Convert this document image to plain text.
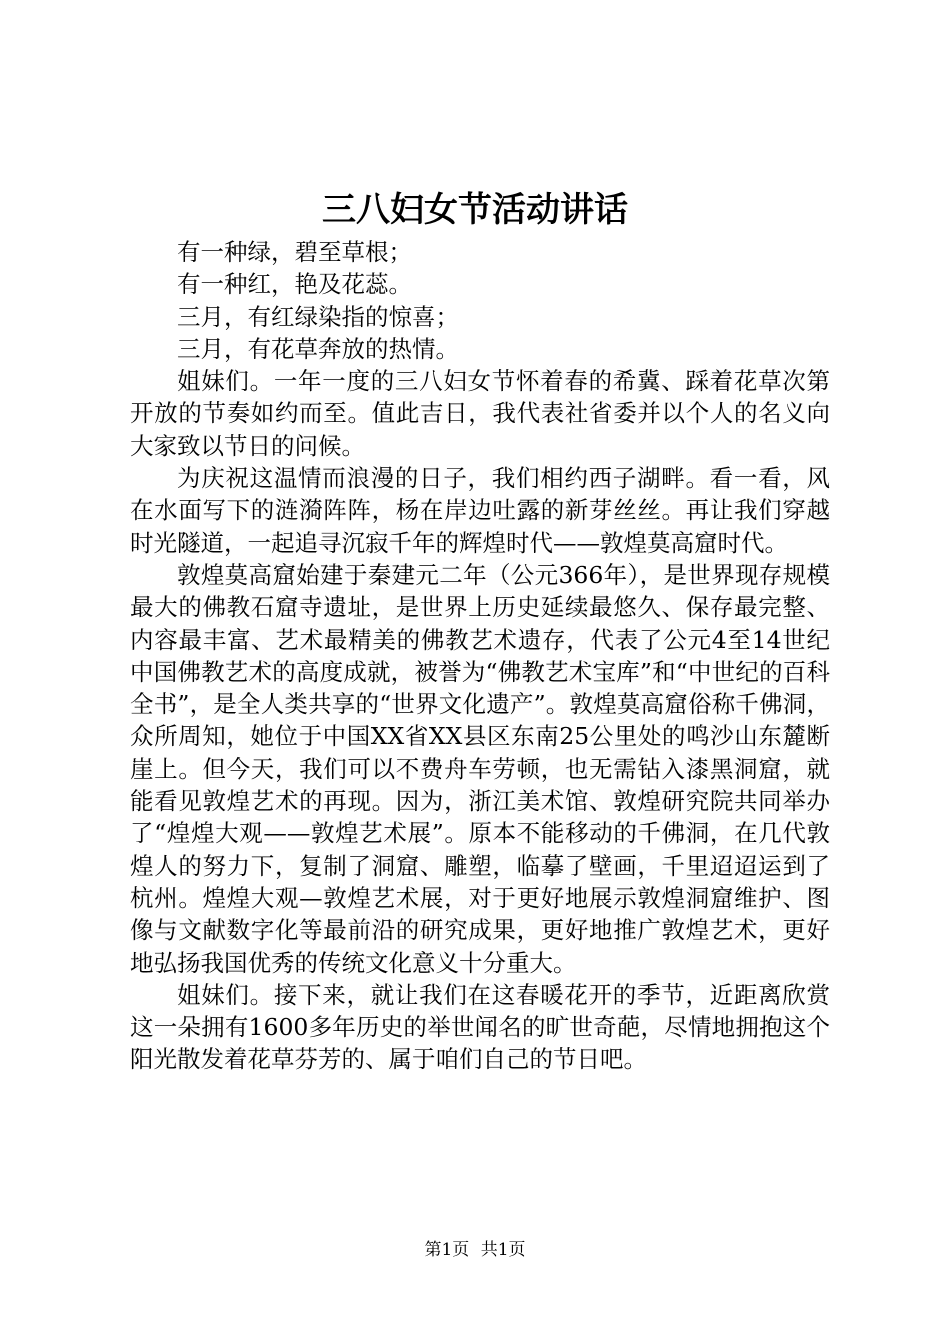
三八妇女节活动讲话

有一种绿，碧至草根；

有一种红，艳及花蕊。

三月，有红绿染指的惊喜；

三月，有花草奔放的热情。

姐妹们。一年一度的三八妇女节怀着春的希冀、踩着花草次第开放的节奏如约而至。值此吉日，我代表社省委并以个人的名义向大家致以节日的问候。

为庆祝这温情而浪漫的日子，我们相约西子湖畔。看一看，风在水面写下的涟漪阵阵，杨在岸边吐露的新芽丝丝。再让我们穿越时光隧道，一起追寻沉寂千年的辉煌时代——敦煌莫高窟时代。

敦煌莫高窟始建于秦建元二年（公元366年），是世界现存规模最大的佛教石窟寺遗址，是世界上历史延续最悠久、保存最完整、内容最丰富、艺术最精美的佛教艺术遗存，代表了公元4至14世纪中国佛教艺术的高度成就，被誉为“佛教艺术宝库”和“中世纪的百科全书”，是全人类共享的“世界文化遗产”。敦煌莫高窟俗称千佛洞，众所周知，她位于中国XX省XX县区东南25公里处的鸣沙山东麓断崖上。但今天，我们可以不费舟车劳顿，也无需钻入漆黑洞窟，就能看见敦煌艺术的再现。因为，浙江美术馆、敦煌研究院共同举办了“煌煌大观——敦煌艺术展”。原本不能移动的千佛洞，在几代敦煌人的努力下，复制了洞窟、雕塑，临摹了壁画，千里迢迢运到了杭州。煌煌大观—敦煌艺术展，对于更好地展示敦煌洞窟维护、图像与文献数字化等最前沿的研究成果，更好地推广敦煌艺术，更好地弘扬我国优秀的传统文化意义十分重大。

姐妹们。接下来，就让我们在这春暖花开的季节，近距离欣赏这一朵拥有1600多年历史的举世闻名的旷世奇葩，尽情地拥抱这个阳光散发着花草芬芳的、属于咱们自己的节日吧。

第1页 共1页
